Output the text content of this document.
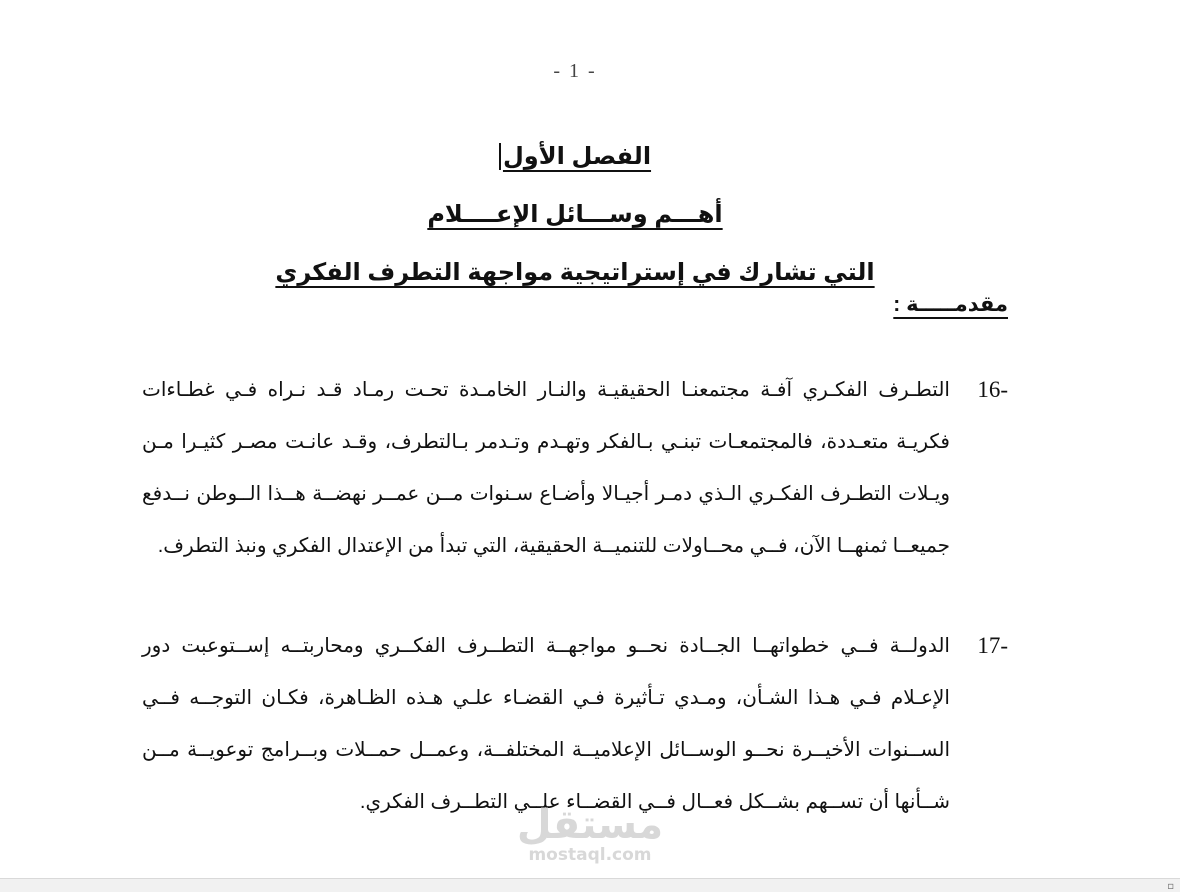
- 1 -
الفصل الأول
أهـــم وســـائل الإعــــلام
التي تشارك في إستراتيجية مواجهة التطرف الفكري
مقدمـــــة :
16-
التطـرف الفكـري آفـة مجتمعنـا الحقيقيـة والنـار الخامـدة تحـت رمـاد قـد نـراه فـي غطـاءات فكريـة متعـددة، فالمجتمعـات تبنـي بـالفكر وتهـدم وتـدمر بـالتطرف، وقـد عانـت مصـر كثيـرا مـن ويـلات التطـرف الفكـري الـذي دمـر أجيـالا وأضـاع سـنوات مــن عمــر نهضــة هــذا الــوطن نــدفع جميعــا ثمنهــا الآن، فــي محــاولات للتنميــة الحقيقية، التي تبدأ من الإعتدال الفكري ونبذ التطرف.
17-
الدولــة فــي خطواتهــا الجــادة نحــو مواجهــة التطــرف الفكــري ومحاربتــه إســتوعبت دور الإعـلام فـي هـذا الشـأن، ومـدي تـأثيرة فـي القضـاء علـي هـذه الظـاهرة، فكـان التوجــه فــي الســنوات الأخيــرة نحــو الوســائل الإعلاميــة المختلفــة، وعمــل حمــلات وبــرامج توعويــة مــن شــأنها أن تســهم بشــكل فعــال فــي القضــاء علــي التطــرف الفكري.
مستقل
mostaql.com
▫
